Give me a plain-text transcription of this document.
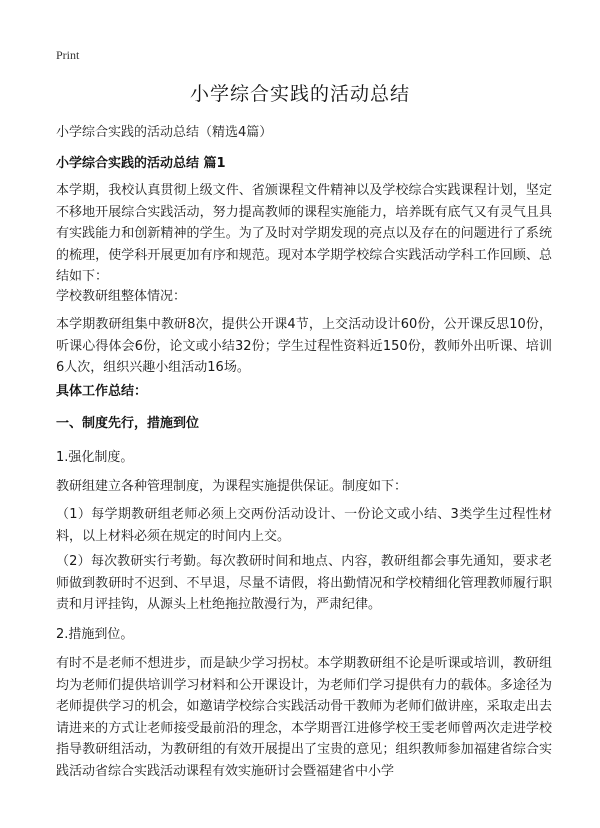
Print
小学综合实践的活动总结
小学综合实践的活动总结（精选4篇）
小学综合实践的活动总结 篇1
本学期，我校认真贯彻上级文件、省颁课程文件精神以及学校综合实践课程计划，坚定不移地开展综合实践活动，努力提高教师的课程实施能力，培养既有底气又有灵气且具有实践能力和创新精神的学生。为了及时对学期发现的亮点以及存在的问题进行了系统的梳理，使学科开展更加有序和规范。现对本学期学校综合实践活动学科工作回顾、总结如下：
学校教研组整体情况：
本学期教研组集中教研8次，提供公开课4节，上交活动设计60份，公开课反思10份，听课心得体会6份，论文或小结32份；学生过程性资料近150份，教师外出听课、培训6人次，组织兴趣小组活动16场。
具体工作总结：
一、制度先行，措施到位
1.强化制度。
教研组建立各种管理制度，为课程实施提供保证。制度如下：
（1）每学期教研组老师必须上交两份活动设计、一份论文或小结、3类学生过程性材料，以上材料必须在规定的时间内上交。
（2）每次教研实行考勤。每次教研时间和地点、内容，教研组都会事先通知，要求老师做到教研时不迟到、不早退，尽量不请假，将出勤情况和学校精细化管理教师履行职责和月评挂钩，从源头上杜绝拖拉散漫行为，严肃纪律。
2.措施到位。
有时不是老师不想进步，而是缺少学习拐杖。本学期教研组不论是听课或培训，教研组均为老师们提供培训学习材料和公开课设计，为老师们学习提供有力的载体。多途径为老师提供学习的机会，如邀请学校综合实践活动骨干教师为老师们做讲座，采取走出去请进来的方式让老师接受最前沿的理念，本学期晋江进修学校王雯老师曾两次走进学校指导教研组活动，为教研组的有效开展提出了宝贵的意见；组织教师参加福建省综合实践活动省综合实践活动课程有效实施研讨会暨福建省中小学
